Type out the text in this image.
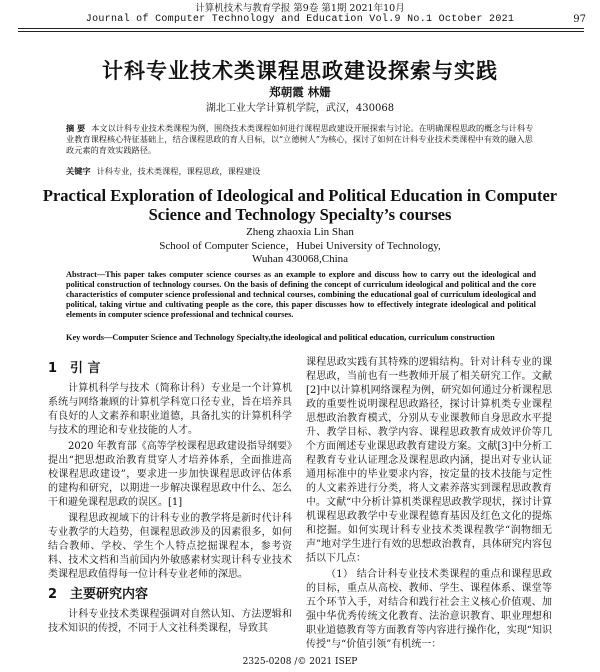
计算机技术与教育学报 第9卷 第1期 2021年10月
Journal of Computer Technology and Education Vol.9 No.1 October 2021	97
计科专业技术类课程思政建设探索与实践
郑朝霞 林姗
湖北工业大学计算机学院，武汉，430068
摘 要 本文以计科专业技术类课程为例，围绕技术类课程如何进行课程思政建设开展探索与讨论。在明确课程思政的概念与计科专业教育课程核心特征基础上，结合课程思政的育人目标，以“立德树人”为核心，探讨了如何在计科专业技术类课程中有效的融入思政元素的育效实践路径。
关键字 计科专业，技术类课程，课程思政，课程建设
Practical Exploration of Ideological and Political Education in Computer Science and Technology Specialty’s courses
Zheng zhaoxia Lin Shan
School of Computer Science，Hubei University of Technology,
Wuhan 430068,China
Abstract—This paper takes computer science courses as an example to explore and discuss how to carry out the ideological and political construction of technology courses. On the basis of defining the concept of curriculum ideological and political and the core characteristics of computer science professional and technical courses, combining the educational goal of curriculum ideological and political, taking virtue and cultivating people as the core, this paper discusses how to effectively integrate ideological and political elements in computer science professional and technical courses.
Key words—Computer Science and Technology Specialty,the ideological and political education, curriculum construction
1 引 言

计算机科学与技术（简称计科）专业是一个计算机系统与网络兼顾的计算机学科宽口径专业，旨在培养具有良好的人文素养和职业道德，具备扎实的计算机科学与技术的理论和专业技能的人才。

2020 年教育部《高等学校课程思政建设指导纲要》提出“把思想政治教育贯穿人才培养体系，全面推进高校课程思政建设”，要求进一步加快课程思政评估体系的建构和研究，以期进一步解决课程思政中什么、怎么干和避免课程思政的误区。[1]

课程思政视域下的计科专业的教学将是新时代计科专业教学的大趋势，但课程思政涉及的因素很多，如何结合教师、学校、学生个人特点挖掘课程本，参考资料、技术文档和当前国内外敏感素材实现计科专业技术类课程思政值得每一位计科专业老师的深思。

2 主要研究内容

计科专业技术类课程强调对自然认知、方法逻辑和技术知识的传授，不同于人文社科类课程，导致其

课程思政实践有其特殊的逻辑结构。针对计科专业的课程思政，当前也有一些教师开展了相关研究工作。文献[2]中以计算机网络课程为例，研究如何通过分析课程思政的重要性说明课程思政路径，探讨计算机类专业课程思想政治教育模式，分别从专业课教师自身思政水平提升、教学目标、教学内容、课程思政教育成效评价等几个方面阐述专业课思政教育建设方案。文献[3]中分析工程教育专业认证理念及课程思政内涵，提出对专业认证通用标准中的毕业要求内容，按定量的技术技能与定性的人文素养进行分类，将人文素养落实到课程思政教育中。文献“中分析计算机类课程思政教学现状，探讨计算机课程思政教学中专业课程德育基因及红色文化的提炼和挖掘。如何实现计科专业技术类课程教学“润物细无声”地对学生进行有效的思想政治教育，具体研究内容包括以下几点：

（1） 结合计科专业技术类课程的重点和课程思政的目标，重点从高校、教师、学生、课程体系、课堂等五个环节入手，对结合和践行社会主义核心价值观、加强中华优秀传统文化教育、法治意识教育、职业理想和职业道德教育等方面教育等内容进行操作化，实现“知识传授”与“价值引领”有机统一：

2325-0208 /© 2021 ISEP
